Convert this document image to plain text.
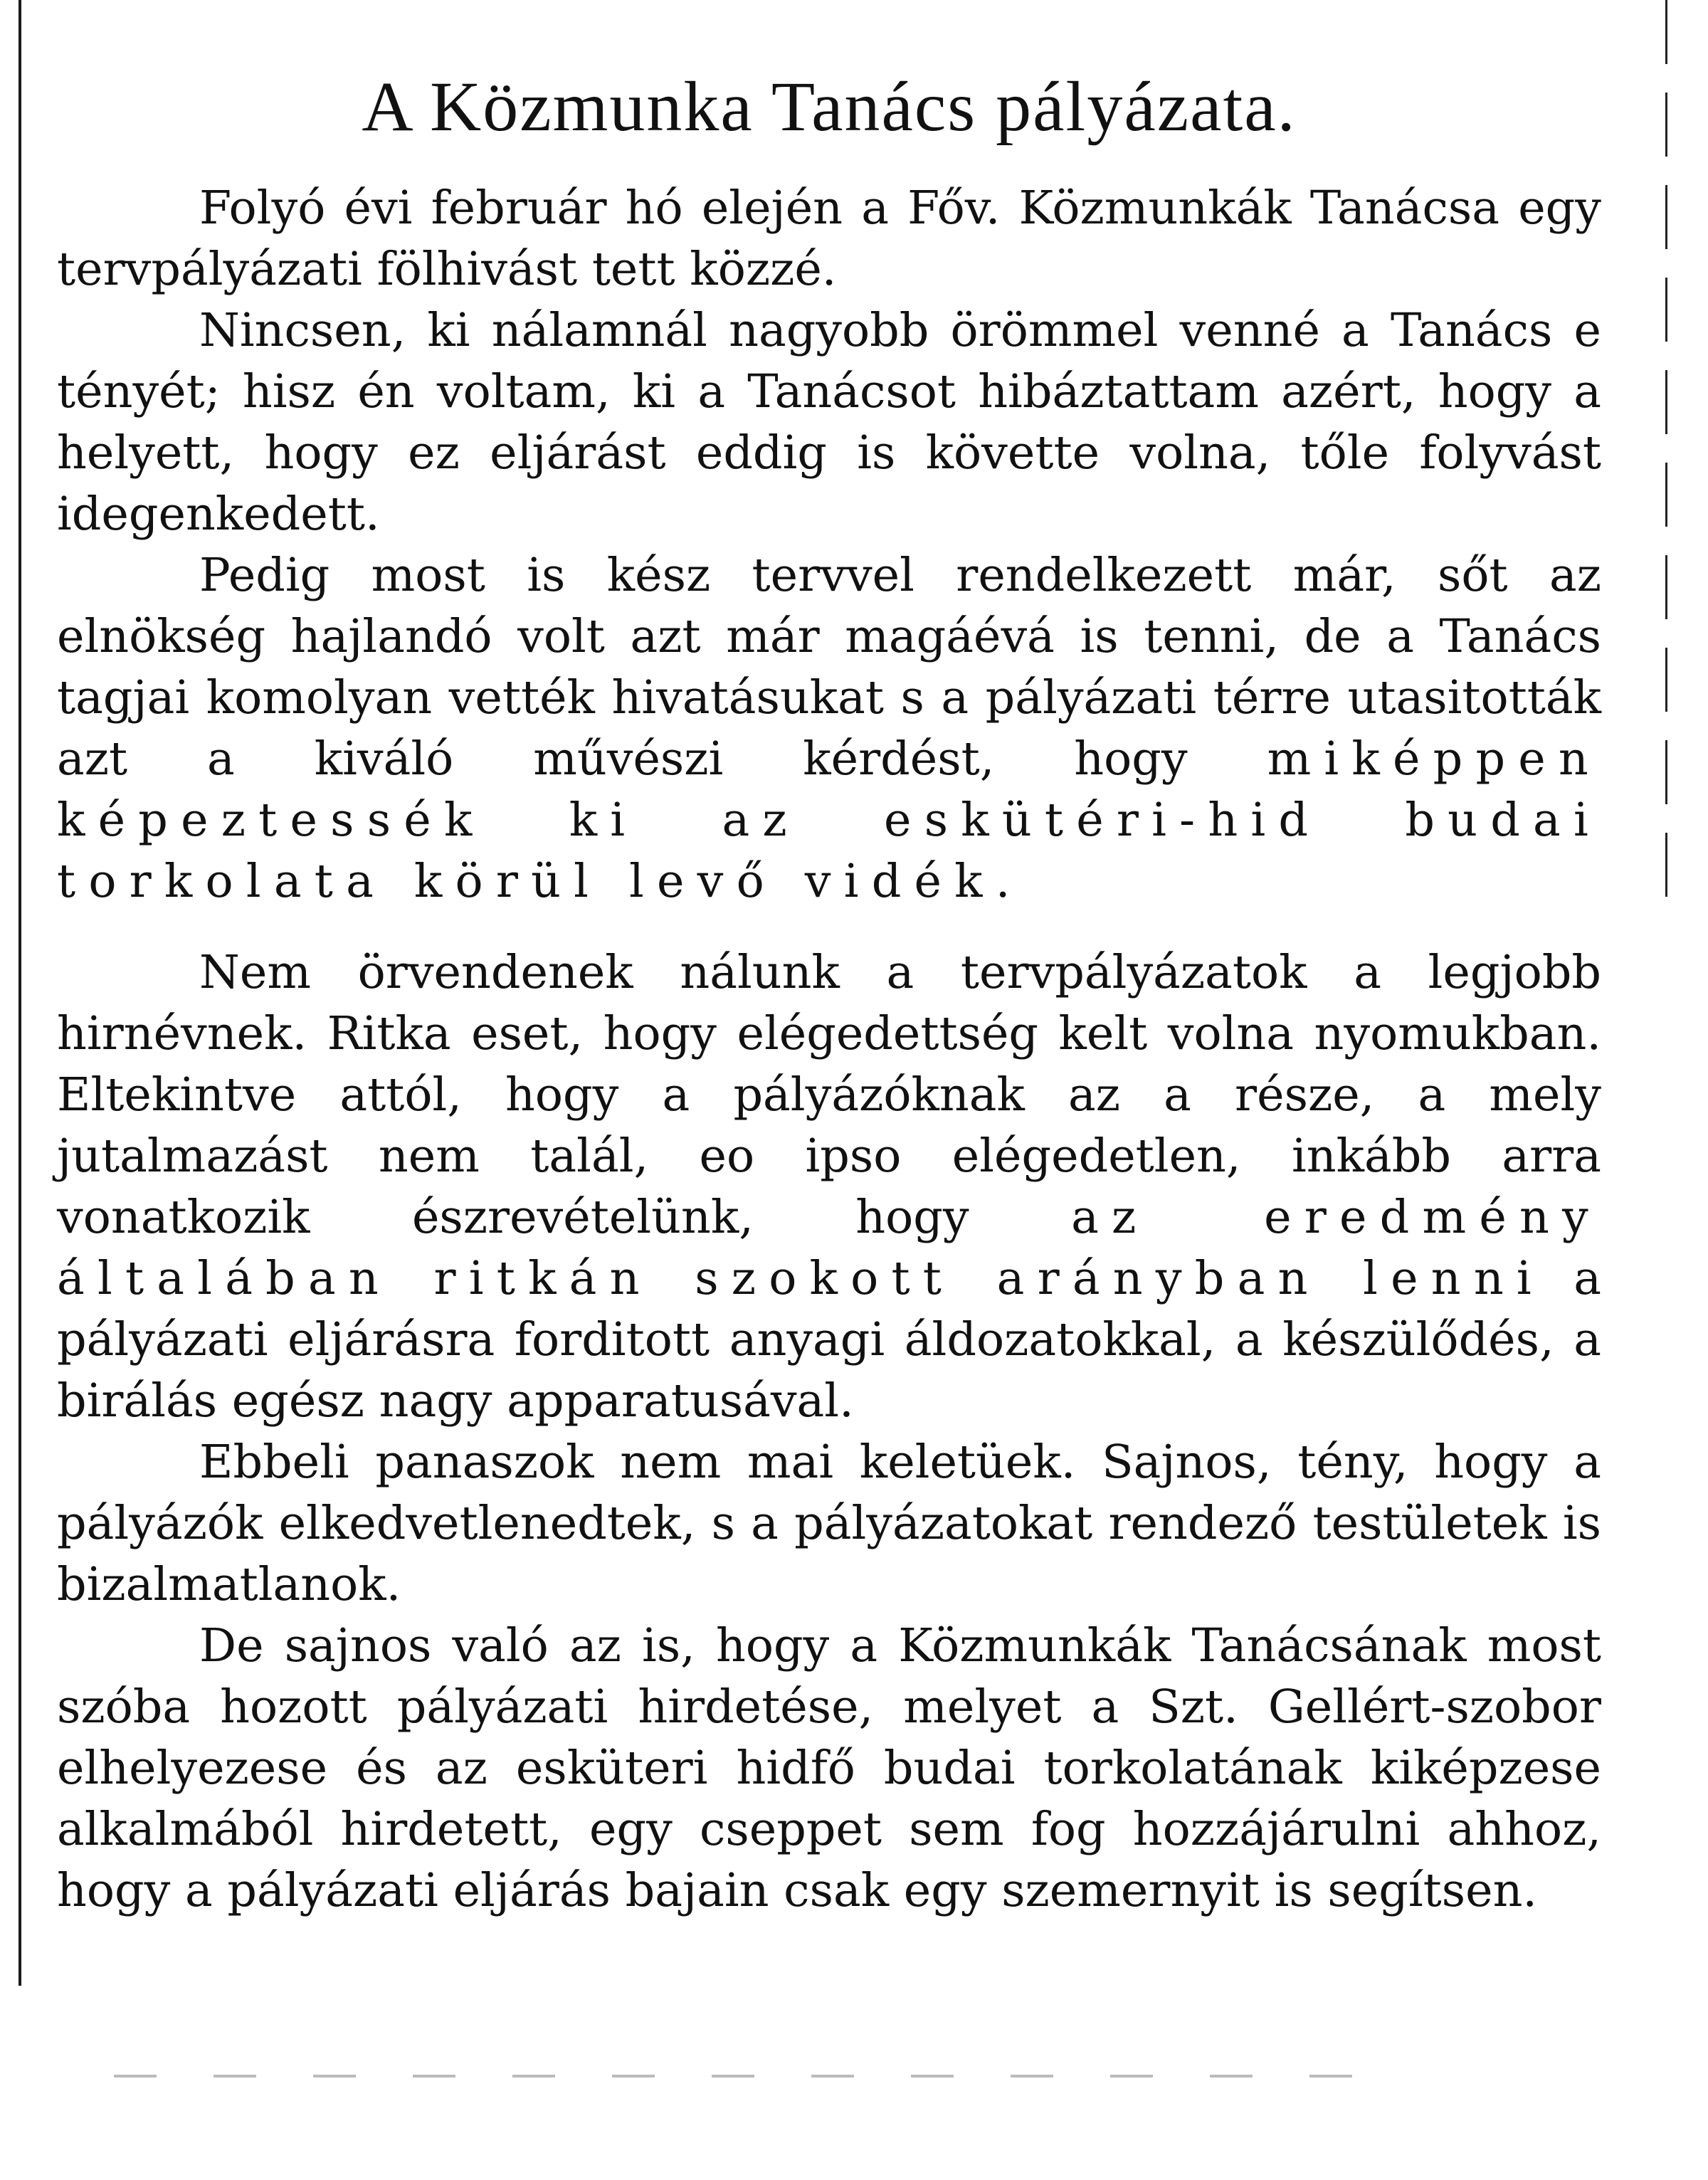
A Közmunka Tanács pályázata.

Folyó évi február hó elején a Főv. Közmunkák Tanácsa egy tervpályázati fölhivást tett közzé.

Nincsen, ki nálamnál nagyobb örömmel venné a Tanács e tényét; hisz én voltam, ki a Tanácsot hibáztattam azért, hogy a helyett, hogy ez eljárást eddig is követte volna, tőle folyvást idegenkedett.

Pedig most is kész tervvel rendelkezett már, sőt az elnökség hajlandó volt azt már magáévá is tenni, de a Tanács tagjai komolyan vették hivatásukat s a pályázati térre utasitották azt a kiváló művészi kérdést, hogy miképpen képeztessék ki az eskütéri-hid budai torkolata körül levő vidék.

Nem örvendenek nálunk a tervpályázatok a legjobb hirnévnek. Ritka eset, hogy elégedettség kelt volna nyomukban. Eltekintve attól, hogy a pályázóknak az a része, a mely jutalmazást nem talál, eo ipso elégedetlen, inkább arra vonatkozik észrevételünk, hogy az eredmény általában ritkán szokott arányban lenni a pályázati eljárásra forditott anyagi áldozatokkal, a készülődés, a birálás egész nagy apparatusával.

Ebbeli panaszok nem mai keletüek. Sajnos, tény, hogy a pályázók elkedvetlenedtek, s a pályázatokat rendező testületek is bizalmatlanok.

De sajnos való az is, hogy a Közmunkák Tanácsának most szóba hozott pályázati hirdetése, melyet a Szt. Gellért-szobor elhelyezese és az esküteri hidfő budai torkolatának kiképzese alkalmából hirdetett, egy cseppet sem fog hozzájárulni ahhoz, hogy a pályázati eljárás bajain csak egy szemernyit is segítsen.
